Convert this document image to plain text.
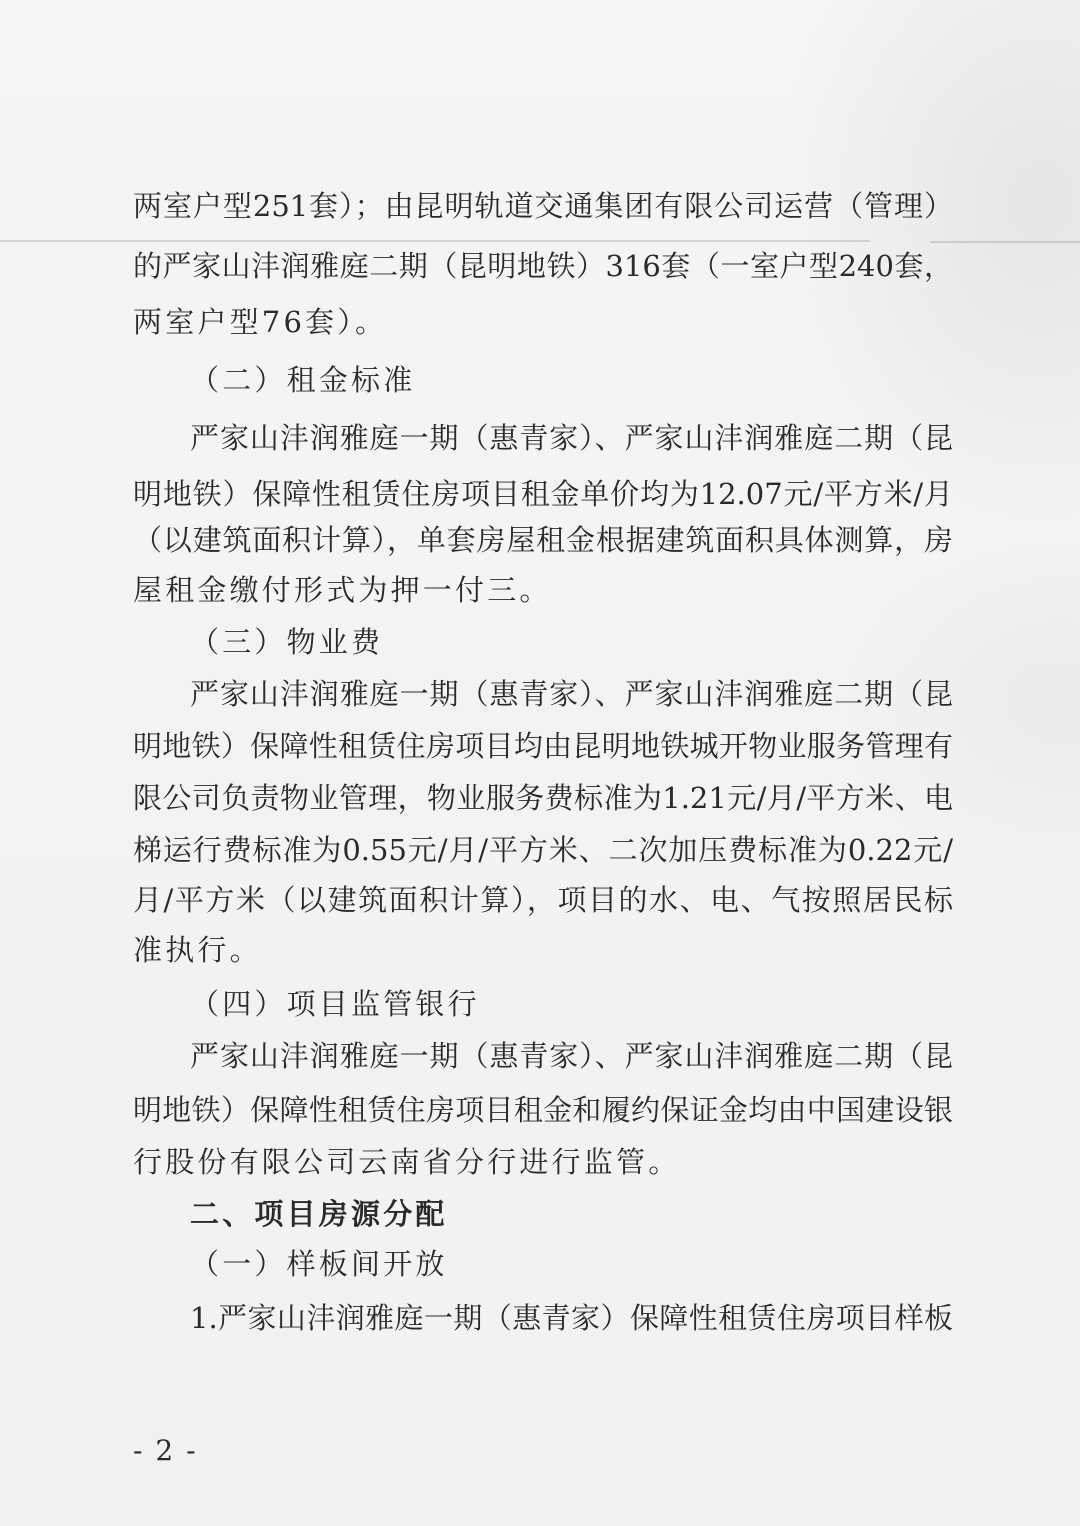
两室户型251套）；由昆明轨道交通集团有限公司运营（管理）
的严家山沣润雅庭二期（昆明地铁）316套（一室户型240套，
两室户型76套）。
（二）租金标准
严家山沣润雅庭一期（惠青家）、严家山沣润雅庭二期（昆
明地铁）保障性租赁住房项目租金单价均为12.07元/平方米/月
（以建筑面积计算），单套房屋租金根据建筑面积具体测算，房
屋租金缴付形式为押一付三。
（三）物业费
严家山沣润雅庭一期（惠青家）、严家山沣润雅庭二期（昆
明地铁）保障性租赁住房项目均由昆明地铁城开物业服务管理有
限公司负责物业管理，物业服务费标准为1.21元/月/平方米、电
梯运行费标准为0.55元/月/平方米、二次加压费标准为0.22元/
月/平方米（以建筑面积计算），项目的水、电、气按照居民标
准执行。
（四）项目监管银行
严家山沣润雅庭一期（惠青家）、严家山沣润雅庭二期（昆
明地铁）保障性租赁住房项目租金和履约保证金均由中国建设银
行股份有限公司云南省分行进行监管。
二、项目房源分配
（一）样板间开放
1.严家山沣润雅庭一期（惠青家）保障性租赁住房项目样板
- 2 -
